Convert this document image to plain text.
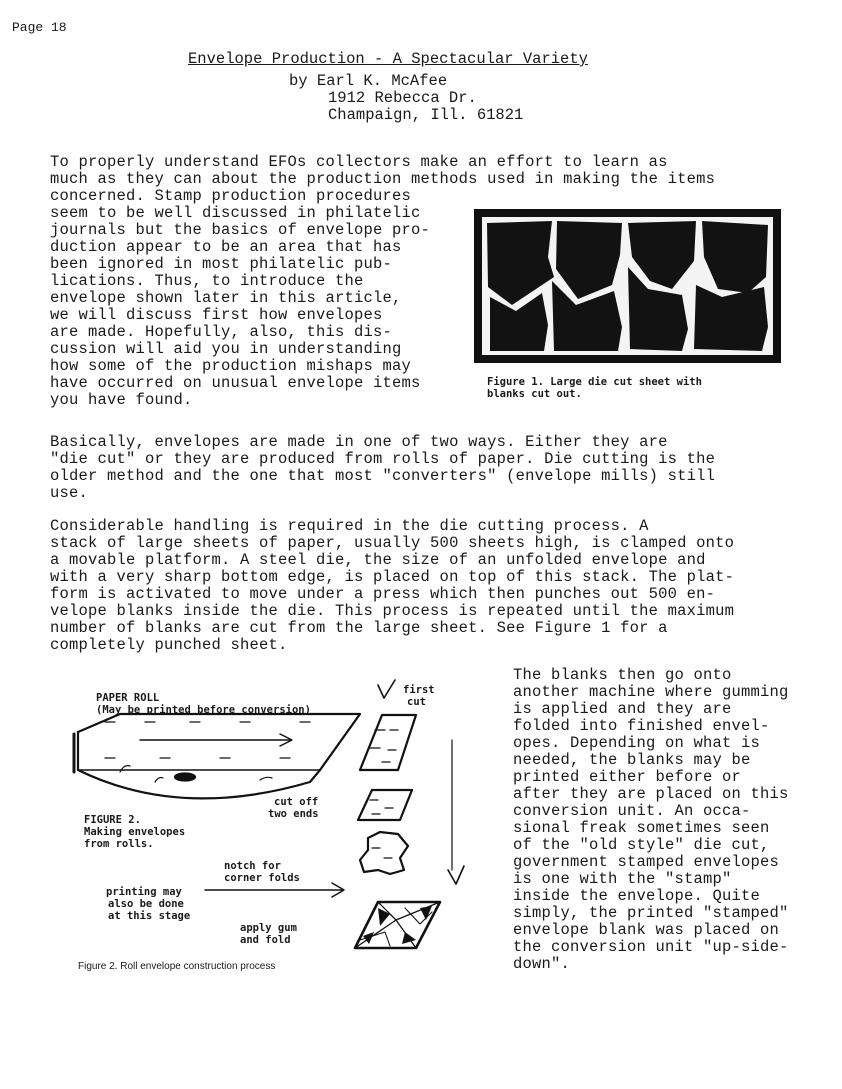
Page 18
Envelope Production - A Spectacular Variety
by Earl K. McAfee
1912 Rebecca Dr.
Champaign, Ill. 61821
To properly understand EFOs collectors make an effort to learn as
much as they can about the production methods used in making the items
concerned. Stamp production procedures
seem to be well discussed in philatelic
journals but the basics of envelope pro-
duction appear to be an area that has
been ignored in most philatelic pub-
lications. Thus, to introduce the
envelope shown later in this article,
we will discuss first how envelopes
are made. Hopefully, also, this dis-
cussion will aid you in understanding
how some of the production mishaps may
have occurred on unusual envelope items
you have found.
Figure 1. Large die cut sheet with
blanks cut out.
Basically, envelopes are made in one of two ways. Either they are
"die cut" or they are produced from rolls of paper. Die cutting is the
older method and the one that most "converters" (envelope mills) still
use.
Considerable handling is required in the die cutting process. A
stack of large sheets of paper, usually 500 sheets high, is clamped onto
a movable platform. A steel die, the size of an unfolded envelope and
with a very sharp bottom edge, is placed on top of this stack. The plat-
form is activated to move under a press which then punches out 500 en-
velope blanks inside the die. This process is repeated until the maximum
number of blanks are cut from the large sheet. See Figure 1 for a
completely punched sheet.
The blanks then go onto
another machine where gumming
is applied and they are
folded into finished envel-
opes. Depending on what is
needed, the blanks may be
printed either before or
after they are placed on this
conversion unit. An occa-
sional freak sometimes seen
of the "old style" die cut,
government stamped envelopes
is one with the "stamp"
inside the envelope. Quite
simply, the printed "stamped"
envelope blank was placed on
the conversion unit "up-side-
down".
PAPER ROLL
(May be printed before conversion)
first
cut
cut off
two ends
FIGURE 2.
Making envelopes
from rolls.
notch for
corner folds
printing may
also be done
at this stage
apply gum
and fold
Figure 2. Roll envelope construction process
